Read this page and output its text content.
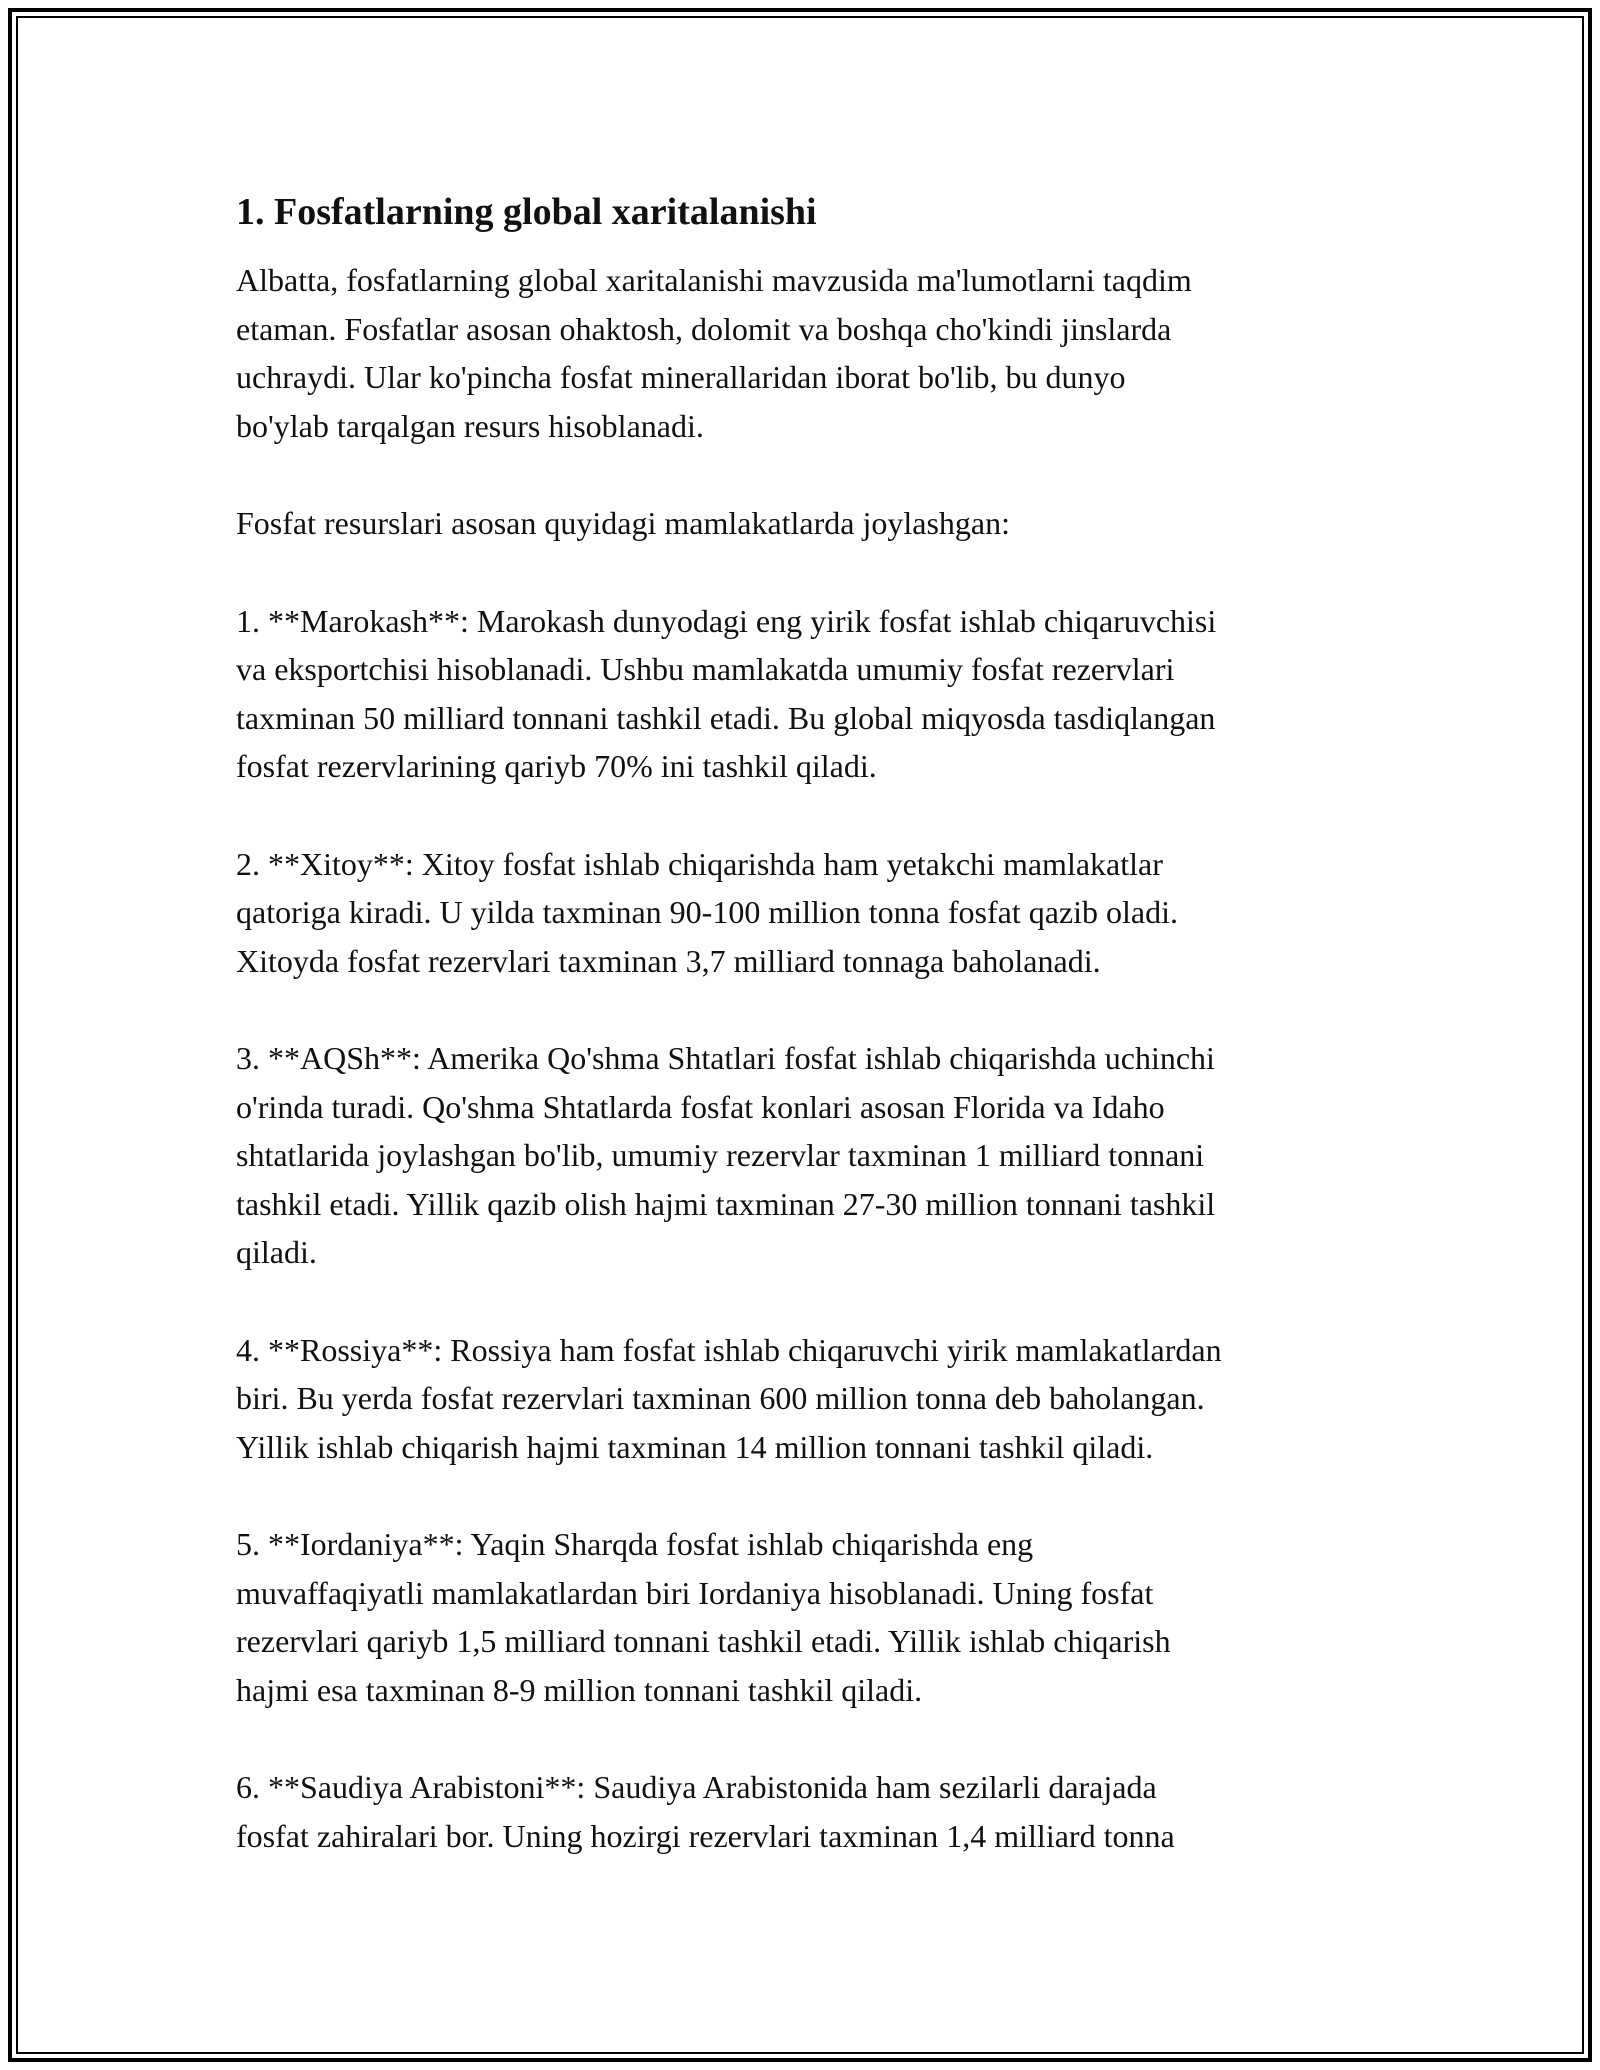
1. Fosfatlarning global xaritalanishi

Albatta, fosfatlarning global xaritalanishi mavzusida ma'lumotlarni taqdim
etaman. Fosfatlar asosan ohaktosh, dolomit va boshqa cho'kindi jinslarda
uchraydi. Ular ko'pincha fosfat minerallaridan iborat bo'lib, bu dunyo
bo'ylab tarqalgan resurs hisoblanadi.

Fosfat resurslari asosan quyidagi mamlakatlarda joylashgan:

1. **Marokash**: Marokash dunyodagi eng yirik fosfat ishlab chiqaruvchisi
va eksportchisi hisoblanadi. Ushbu mamlakatda umumiy fosfat rezervlari
taxminan 50 milliard tonnani tashkil etadi. Bu global miqyosda tasdiqlangan
fosfat rezervlarining qariyb 70% ini tashkil qiladi.

2. **Xitoy**: Xitoy fosfat ishlab chiqarishda ham yetakchi mamlakatlar
qatoriga kiradi. U yilda taxminan 90-100 million tonna fosfat qazib oladi.
Xitoyda fosfat rezervlari taxminan 3,7 milliard tonnaga baholanadi.

3. **AQSh**: Amerika Qo'shma Shtatlari fosfat ishlab chiqarishda uchinchi
o'rinda turadi. Qo'shma Shtatlarda fosfat konlari asosan Florida va Idaho
shtatlarida joylashgan bo'lib, umumiy rezervlar taxminan 1 milliard tonnani
tashkil etadi. Yillik qazib olish hajmi taxminan 27-30 million tonnani tashkil
qiladi.

4. **Rossiya**: Rossiya ham fosfat ishlab chiqaruvchi yirik mamlakatlardan
biri. Bu yerda fosfat rezervlari taxminan 600 million tonna deb baholangan.
Yillik ishlab chiqarish hajmi taxminan 14 million tonnani tashkil qiladi.

5. **Iordaniya**: Yaqin Sharqda fosfat ishlab chiqarishda eng
muvaffaqiyatli mamlakatlardan biri Iordaniya hisoblanadi. Uning fosfat
rezervlari qariyb 1,5 milliard tonnani tashkil etadi. Yillik ishlab chiqarish
hajmi esa taxminan 8-9 million tonnani tashkil qiladi.

6. **Saudiya Arabistoni**: Saudiya Arabistonida ham sezilarli darajada
fosfat zahiralari bor. Uning hozirgi rezervlari taxminan 1,4 milliard tonna
